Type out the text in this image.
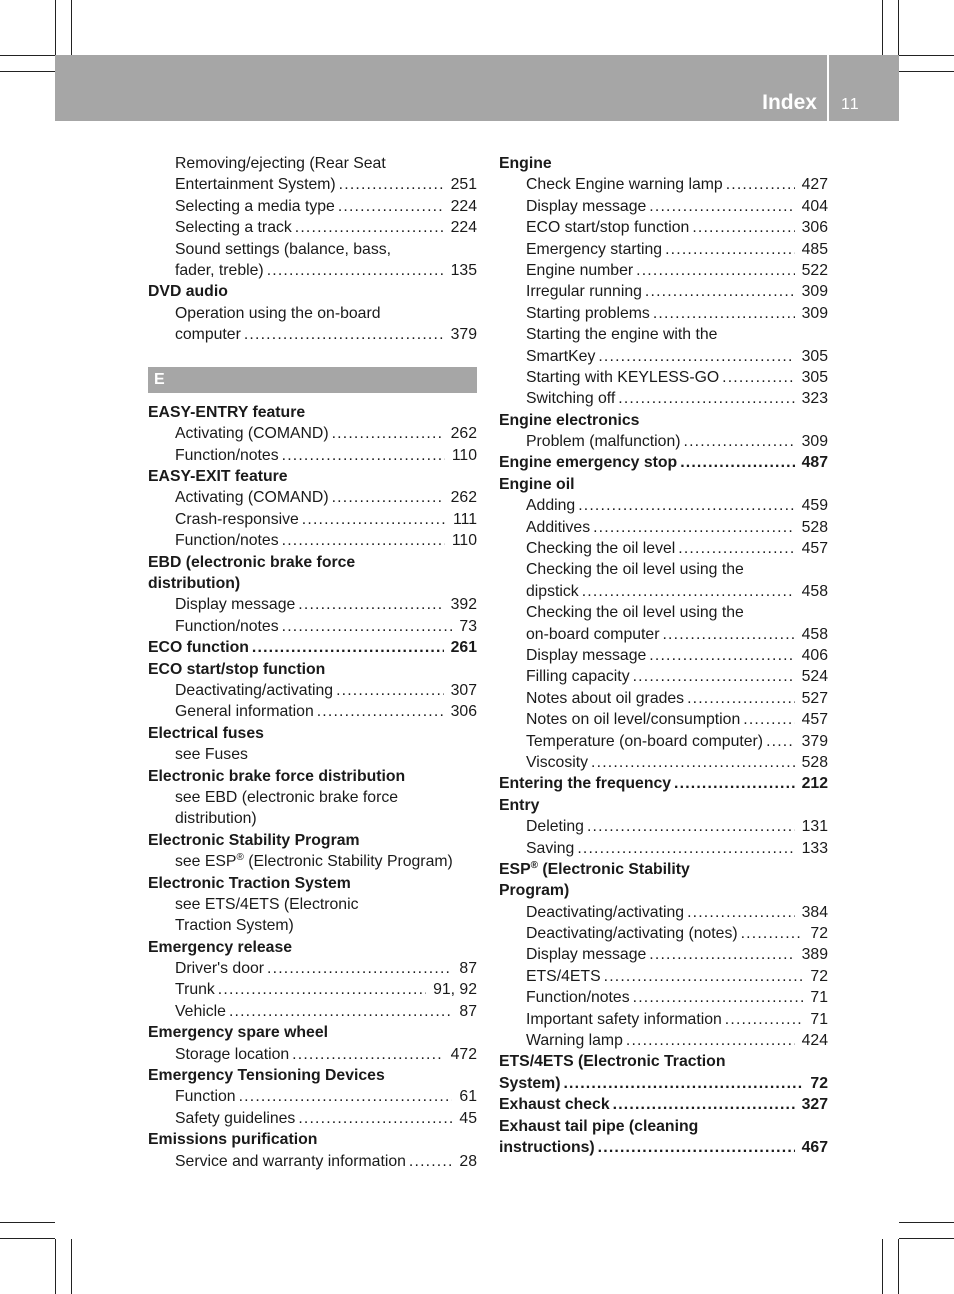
Index 11
Removing/ejecting (Rear Seat
Entertainment System) . . .	251
Selecting a media type . . .	224
Selecting a track . . .	224
Sound settings (balance, bass,
fader, treble) . . .	135
DVD audio
Operation using the on-board
computer . . .	379
E
EASY-ENTRY feature
Activating (COMAND) . . .	262
Function/notes . . .	110
EASY-EXIT feature
Activating (COMAND) . . .	262
Crash-responsive . . .	111
Function/notes . . .	110
EBD (electronic brake force
distribution)
Display message . . .	392
Function/notes . . .	73
ECO function . . .	261
ECO start/stop function
Deactivating/activating . . .	307
General information . . .	306
Electrical fuses
see Fuses
Electronic brake force distribution
see EBD (electronic brake force
distribution)
Electronic Stability Program
see ESP® (Electronic Stability Program)
Electronic Traction System
see ETS/4ETS (Electronic
Traction System)
Emergency release
Driver's door . . .	87
Trunk . . .	91, 92
Vehicle . . .	87
Emergency spare wheel
Storage location . . .	472
Emergency Tensioning Devices
Function . . .	61
Safety guidelines . . .	45
Emissions purification
Service and warranty information . . .	28
Engine
Check Engine warning lamp . . .	427
Display message . . .	404
ECO start/stop function . . .	306
Emergency starting . . .	485
Engine number . . .	522
Irregular running . . .	309
Starting problems . . .	309
Starting the engine with the
SmartKey . . .	305
Starting with KEYLESS-GO . . .	305
Switching off . . .	323
Engine electronics
Problem (malfunction) . . .	309
Engine emergency stop . . .	487
Engine oil
Adding . . .	459
Additives . . .	528
Checking the oil level . . .	457
Checking the oil level using the
dipstick . . .	458
Checking the oil level using the
on-board computer . . .	458
Display message . . .	406
Filling capacity . . .	524
Notes about oil grades . . .	527
Notes on oil level/consumption . . .	457
Temperature (on-board computer) . . . 379
Viscosity . . .	528
Entering the frequency . . .	212
Entry
Deleting . . .	131
Saving . . .	133
ESP® (Electronic Stability
Program)
Deactivating/activating . . .	384
Deactivating/activating (notes) . . .	72
Display message . . .	389
ETS/4ETS . . .	72
Function/notes . . .	71
Important safety information . . .	71
Warning lamp . . .	424
ETS/4ETS (Electronic Traction
System) . . .	72
Exhaust check . . .	327
Exhaust tail pipe (cleaning
instructions) . . .	467
